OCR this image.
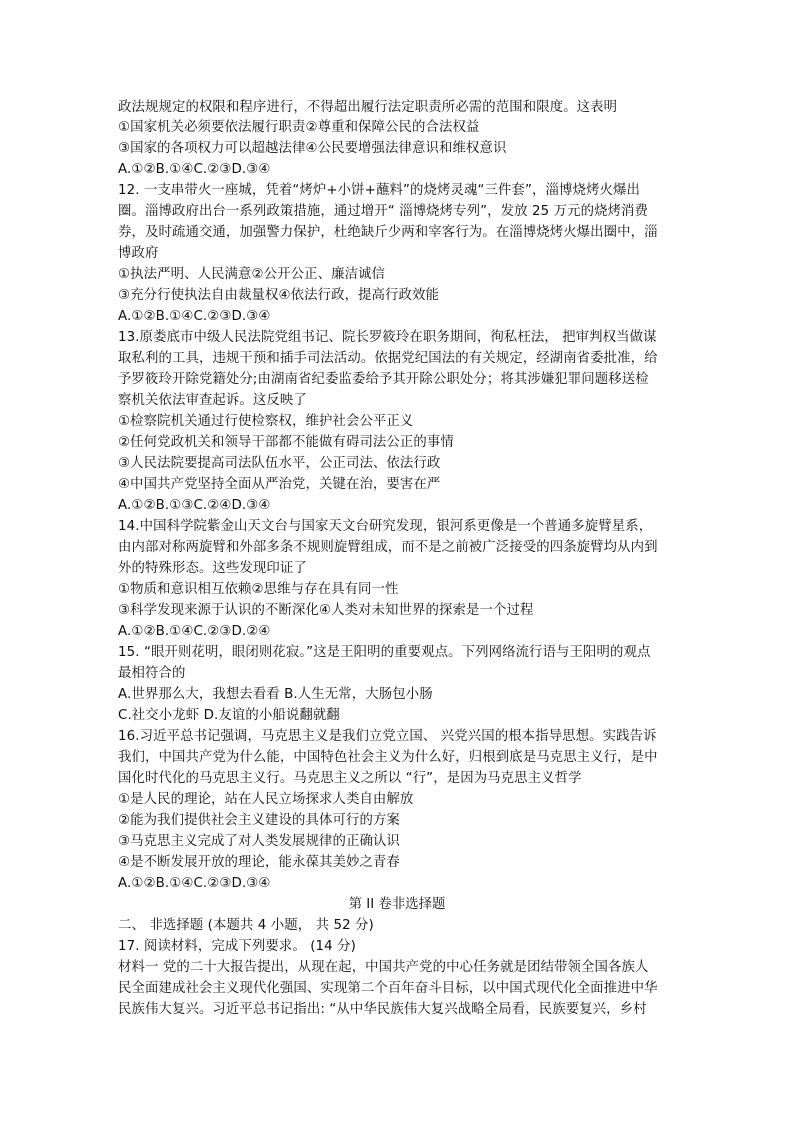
政法规规定的权限和程序进行，不得超出履行法定职责所必需的范围和限度。这表明
①国家机关必须要依法履行职责②尊重和保障公民的合法权益
③国家的各项权力可以超越法律④公民要增强法律意识和维权意识
A.①②B.①④C.②③D.③④
12. 一支串带火一座城，凭着“烤炉+小饼+蘸料”的烧烤灵魂“三件套”，淄博烧烤火爆出
圈。淄博政府出台一系列政策措施，通过增开“ 淄博烧烤专列”，发放 25 万元的烧烤消费
券，及时疏通交通，加强警力保护，杜绝缺斤少两和宰客行为。在淄博烧烤火爆出圈中，淄
博政府
①执法严明、人民满意②公开公正、廉洁诚信
③充分行使执法自由裁量权④依法行政，提高行政效能
A.①②B.①④C.②③D.③④
13.原娄底市中级人民法院党组书记、院长罗筱玲在职务期间，徇私枉法， 把审判权当做谋
取私利的工具，违规干预和插手司法活动。依据党纪国法的有关规定，经湖南省委批准，给
予罗筱玲开除党籍处分;由湖南省纪委监委给予其开除公职处分；将其涉嫌犯罪问题移送检
察机关依法审查起诉。这反映了
①检察院机关通过行使检察权，维护社会公平正义
②任何党政机关和领导干部都不能做有碍司法公正的事情
③人民法院要提高司法队伍水平，公正司法、依法行政
④中国共产党坚持全面从严治党，关键在治，要害在严
A.①②B.①③C.②④D.③④
14.中国科学院紫金山天文台与国家天文台研究发现，银河系更像是一个普通多旋臂星系，
由内部对称两旋臂和外部多条不规则旋臂组成，而不是之前被广泛接受的四条旋臂均从内到
外的特殊形态。这些发现印证了
①物质和意识相互依赖②思维与存在具有同一性
③科学发现来源于认识的不断深化④人类对未知世界的探索是一个过程
A.①②B.①④C.②③D.②④
15. “眼开则花明，眼闭则花寂。”这是王阳明的重要观点。下列网络流行语与王阳明的观点
最相符合的
A.世界那么大，我想去看看 B.人生无常，大肠包小肠
C.社交小龙虾 D.友谊的小船说翻就翻
16.习近平总书记强调，马克思主义是我们立党立国、 兴党兴国的根本指导思想。实践告诉
我们，中国共产党为什么能，中国特色社会主义为什么好，归根到底是马克思主义行，是中
国化时代化的马克思主义行。马克思主义之所以 “行”，是因为马克思主义哲学
①是人民的理论，站在人民立场探求人类自由解放
②能为我们提供社会主义建设的具体可行的方案
③马克思主义完成了对人类发展规律的正确认识
④是不断发展开放的理论，能永葆其美妙之青春
A.①②B.①④C.②③D.③④
第 II 卷非选择题
二、 非选择题 (本题共 4 小题， 共 52 分)
17. 阅读材料，完成下列要求。 (14 分)
材料一 党的二十大报告提出，从现在起，中国共产党的中心任务就是团结带领全国各族人
民全面建成社会主义现代化强国、实现第二个百年奋斗目标，以中国式现代化全面推进中华
民族伟大复兴。习近平总书记指出: “从中华民族伟大复兴战略全局看，民族要复兴，乡村
